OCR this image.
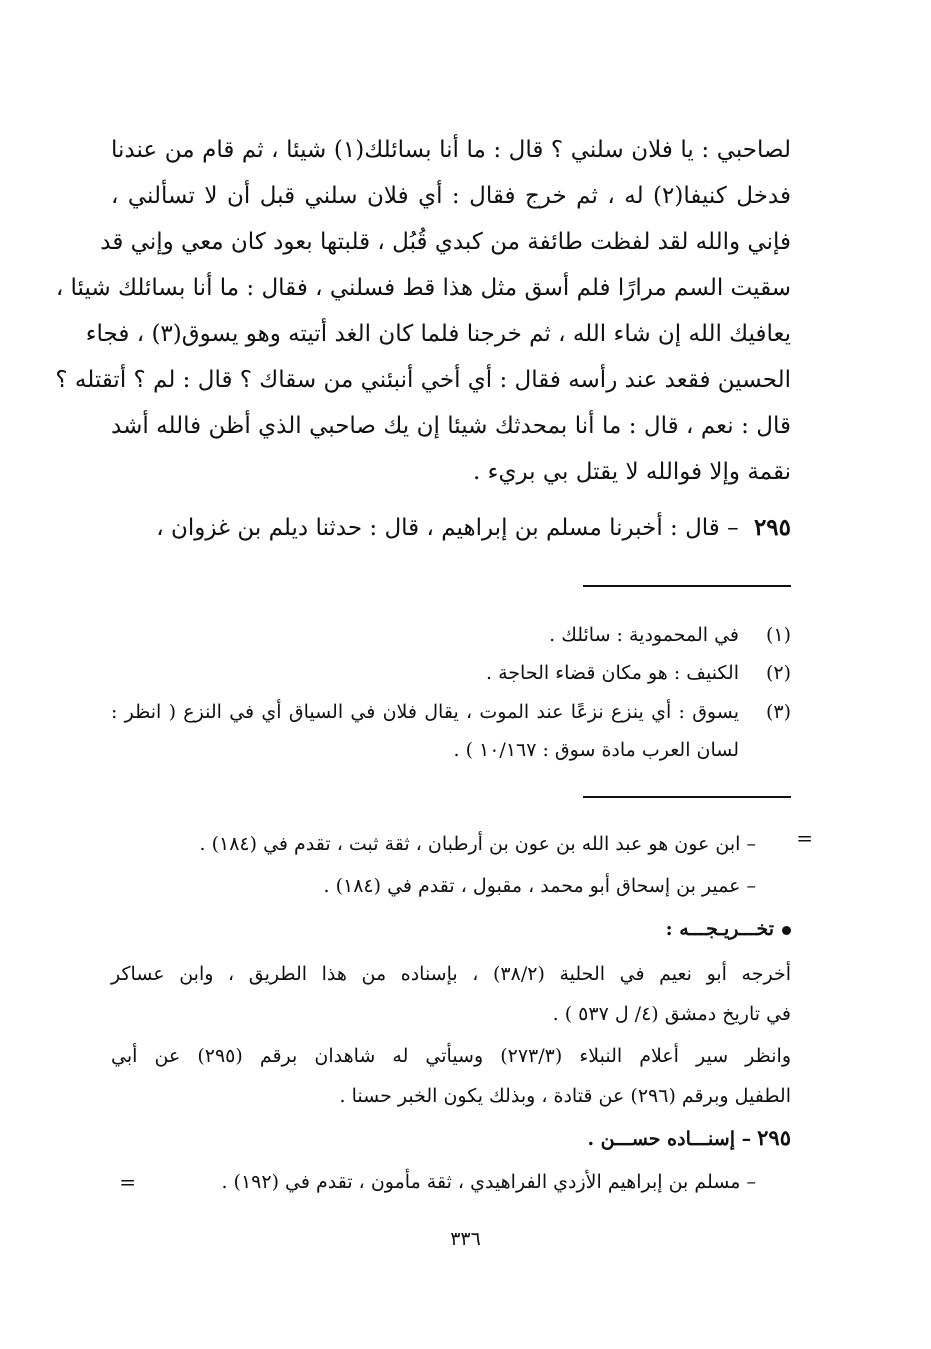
لصاحبي : يا فلان سلني ؟ قال : ما أنا بسائلك(١) شيئا ، ثم قام من عندنا
فدخل كنيفا(٢) له ، ثم خرج فقال : أي فلان سلني قبل أن لا تسألني ،
فإني والله لقد لفظت طائفة من كبدي قُبُل ، قلبتها بعود كان معي وإني قد
سقيت السم مرارًا فلم أسق مثل هذا قط فسلني ، فقال : ما أنا بسائلك شيئا ،
يعافيك الله إن شاء الله ، ثم خرجنا فلما كان الغد أتيته وهو يسوق(٣) ، فجاء
الحسين فقعد عند رأسه فقال : أي أخي أنبئني من سقاك ؟ قال : لم ؟ أتقتله ؟
قال : نعم ، قال : ما أنا بمحدثك شيئا إن يك صاحبي الذي أظن فالله أشد
نقمة وإلا فوالله لا يقتل بي بريء .
٢٩٥ – قال : أخبرنا مسلم بن إبراهيم ، قال : حدثنا ديلم بن غزوان ،
(١)
في المحمودية : سائلك .
(٢)
الكنيف : هو مكان قضاء الحاجة .
(٣)
يسوق : أي ينزع نزعًا عند الموت ، يقال فلان في السياق أي في النزع ( انظر :
لسان العرب مادة سوق : ١٠/١٦٧ ) .
=
– ابن عون هو عبد الله بن عون بن أرطبان ، ثقة ثبت ، تقدم في (١٨٤) .
– عمير بن إسحاق أبو محمد ، مقبول ، تقدم في (١٨٤) .
تخـــريـجـــه :
أخرجه أبو نعيم في الحلية (٣٨/٢) ، بإسناده من هذا الطريق ، وابن عساكر
في تاريخ دمشق (٤/ ل ٥٣٧ ) .
وانظر سير أعلام النبلاء (٢٧٣/٣) وسيأتي له شاهدان برقم (٢٩٥) عن أبي
الطفيل وبرقم (٢٩٦) عن قتادة ، وبذلك يكون الخبر حسنا .
٢٩٥ – إسنـــاده حســـن .
– مسلم بن إبراهيم الأزدي الفراهيدي ، ثقة مأمون ، تقدم في (١٩٢) .
=
٣٣٦
